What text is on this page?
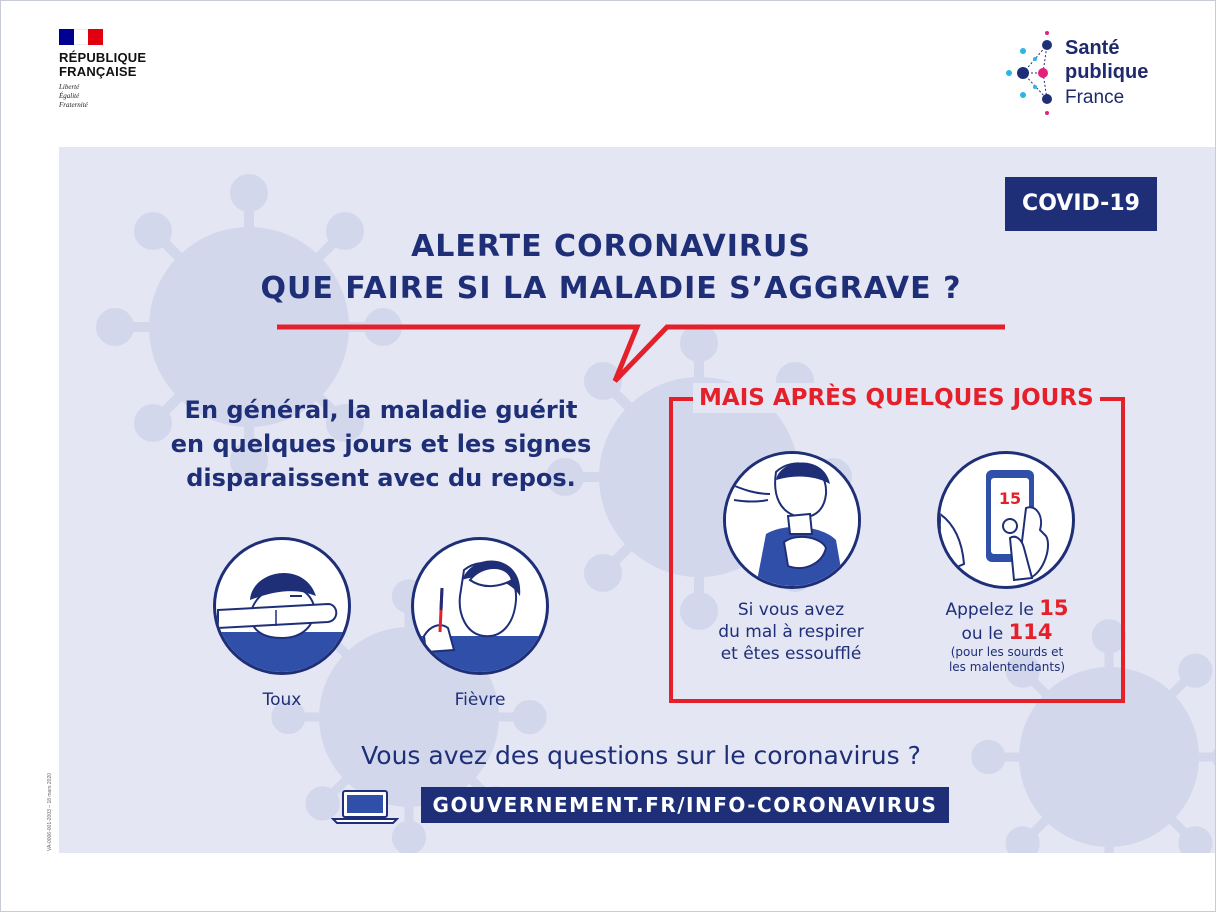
RÉPUBLIQUE
FRANÇAISE
Liberté
Égalité
Fraternité
Santé
publique
France
COVID-19
ALERTE CORONAVIRUS
QUE FAIRE SI LA MALADIE S’AGGRAVE ?
En général, la maladie guérit
en quelques jours et les signes
disparaissent avec du repos.
Toux	Fièvre
MAIS APRÈS QUELQUES JOURS
Si vous avez
du mal à respirer
et êtes essoufflé
15
Appelez le 15
ou le 114
(pour les sourds et
les malentendants)
Vous avez des questions sur le coronavirus ?
GOUVERNEMENT.FR/INFO-CORONAVIRUS
VA-0006-001-2003 – 18 mars 2020
